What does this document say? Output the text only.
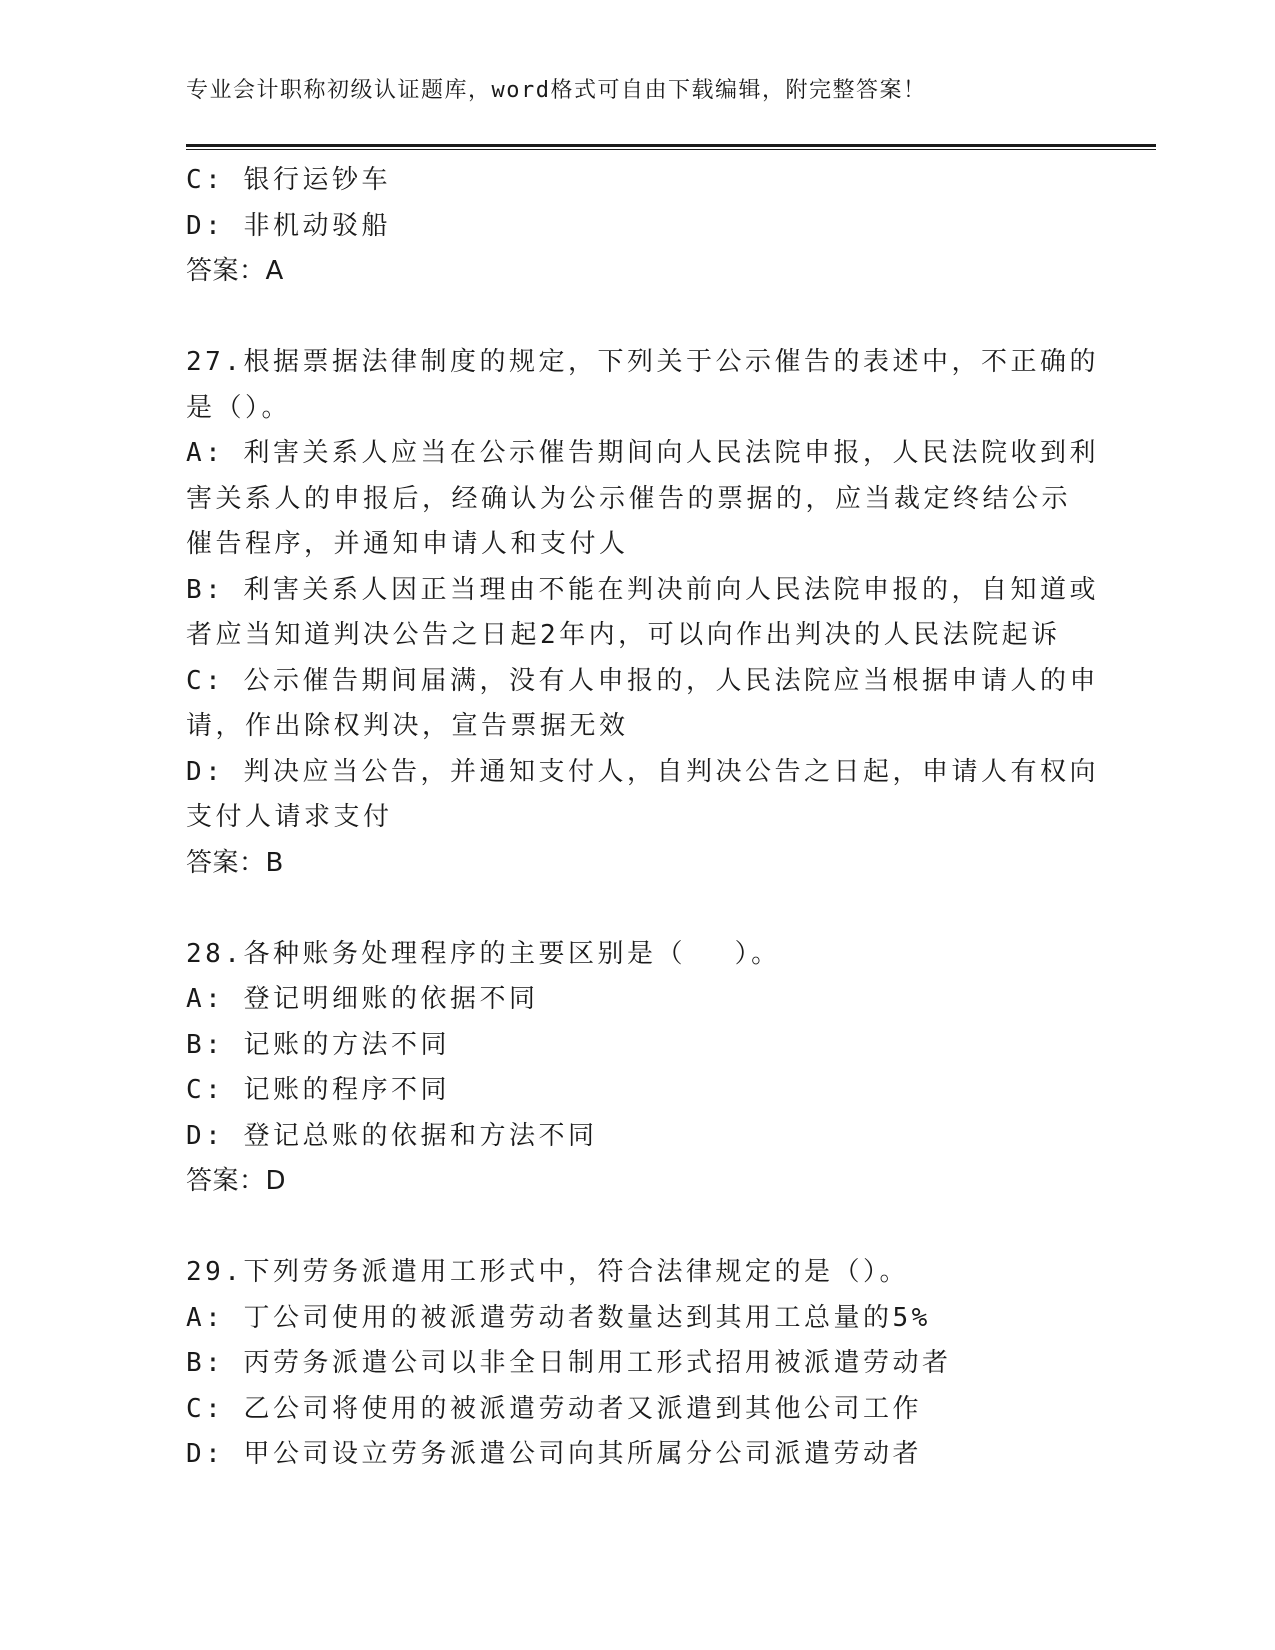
专业会计职称初级认证题库，word格式可自由下载编辑，附完整答案！
C: 银行运钞车
D: 非机动驳船
答案：A
27.根据票据法律制度的规定，下列关于公示催告的表述中，不正确的
是（）。
A: 利害关系人应当在公示催告期间向人民法院申报，人民法院收到利
害关系人的申报后，经确认为公示催告的票据的，应当裁定终结公示
催告程序，并通知申请人和支付人
B: 利害关系人因正当理由不能在判决前向人民法院申报的，自知道或
者应当知道判决公告之日起2年内，可以向作出判决的人民法院起诉
C: 公示催告期间届满，没有人申报的，人民法院应当根据申请人的申
请，作出除权判决，宣告票据无效
D: 判决应当公告，并通知支付人，自判决公告之日起，申请人有权向
支付人请求支付
答案：B
28.各种账务处理程序的主要区别是（　 ）。
A: 登记明细账的依据不同
B: 记账的方法不同
C: 记账的程序不同
D: 登记总账的依据和方法不同
答案：D
29.下列劳务派遣用工形式中，符合法律规定的是（）。
A: 丁公司使用的被派遣劳动者数量达到其用工总量的5%
B: 丙劳务派遣公司以非全日制用工形式招用被派遣劳动者
C: 乙公司将使用的被派遣劳动者又派遣到其他公司工作
D: 甲公司设立劳务派遣公司向其所属分公司派遣劳动者
